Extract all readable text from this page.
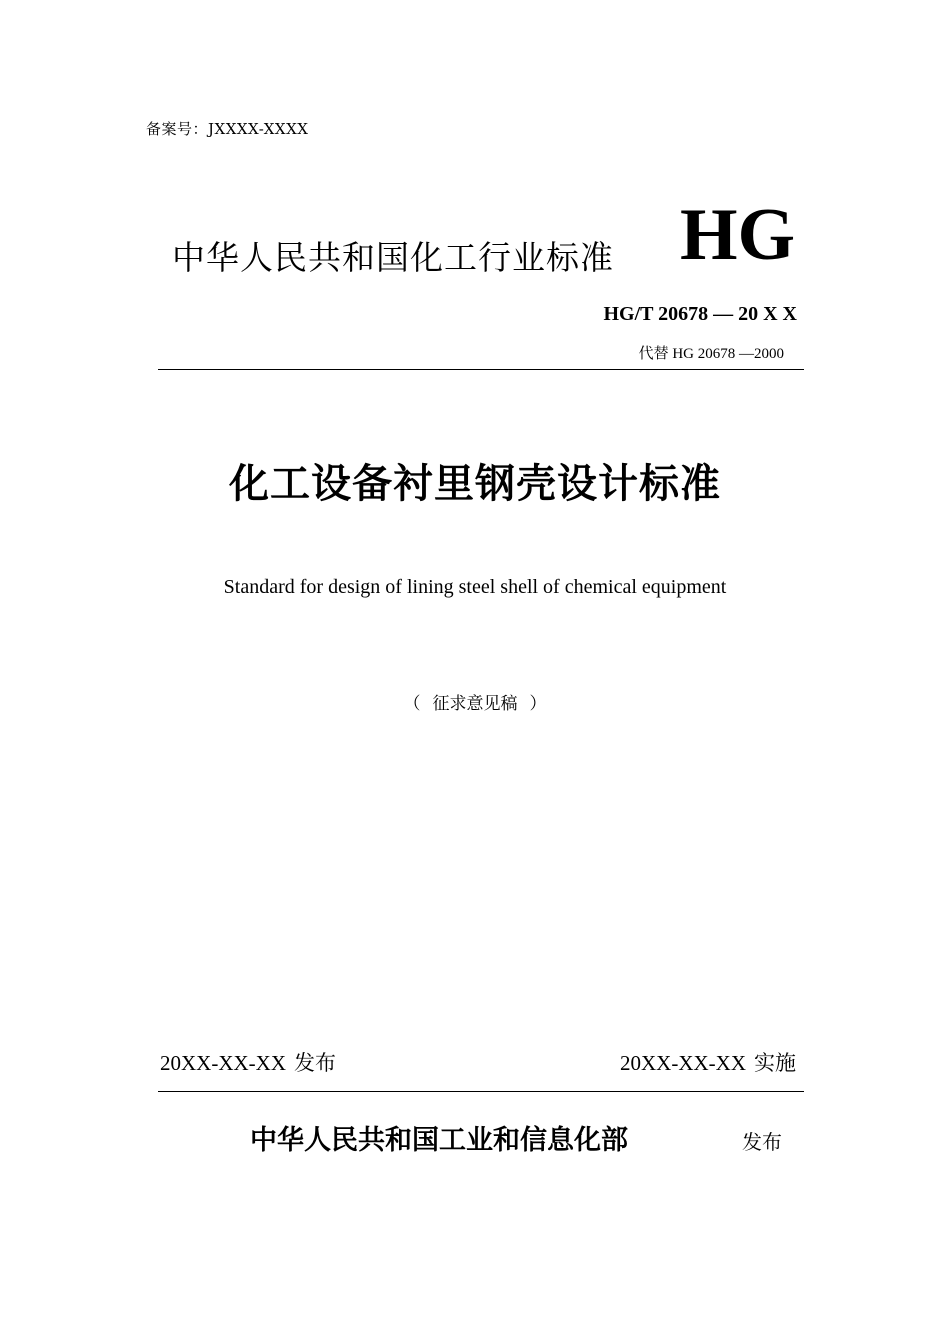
备案号：JXXXX-XXXX
中华人民共和国化工行业标准 HG
HG/T 20678 — 20 X X
代替 HG 20678 —2000
化工设备衬里钢壳设计标准
Standard for design of lining steel shell of chemical equipment
（ 征求意见稿 ）
20XX-XX-XX 发布	20XX-XX-XX 实施
中华人民共和国工业和信息化部	发布
